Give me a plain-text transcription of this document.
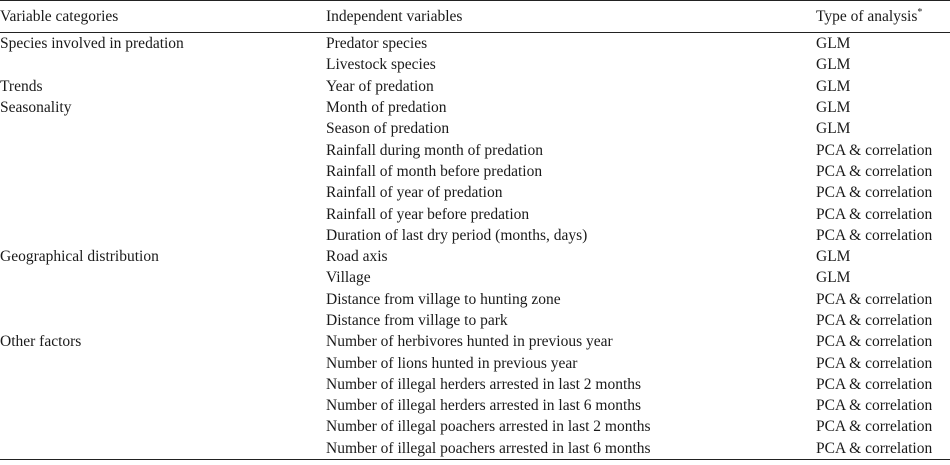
Variable categories	Independent variables	Type of analysis*
Species involved in predation	Predator species	GLM
	Livestock species	GLM
Trends	Year of predation	GLM
Seasonality	Month of predation	GLM
	Season of predation	GLM
	Rainfall during month of predation	PCA & correlation
	Rainfall of month before predation	PCA & correlation
	Rainfall of year of predation	PCA & correlation
	Rainfall of year before predation	PCA & correlation
	Duration of last dry period (months, days)	PCA & correlation
Geographical distribution	Road axis	GLM
	Village	GLM
	Distance from village to hunting zone	PCA & correlation
	Distance from village to park	PCA & correlation
Other factors	Number of herbivores hunted in previous year	PCA & correlation
	Number of lions hunted in previous year	PCA & correlation
	Number of illegal herders arrested in last 2 months	PCA & correlation
	Number of illegal herders arrested in last 6 months	PCA & correlation
	Number of illegal poachers arrested in last 2 months	PCA & correlation
	Number of illegal poachers arrested in last 6 months	PCA & correlation
